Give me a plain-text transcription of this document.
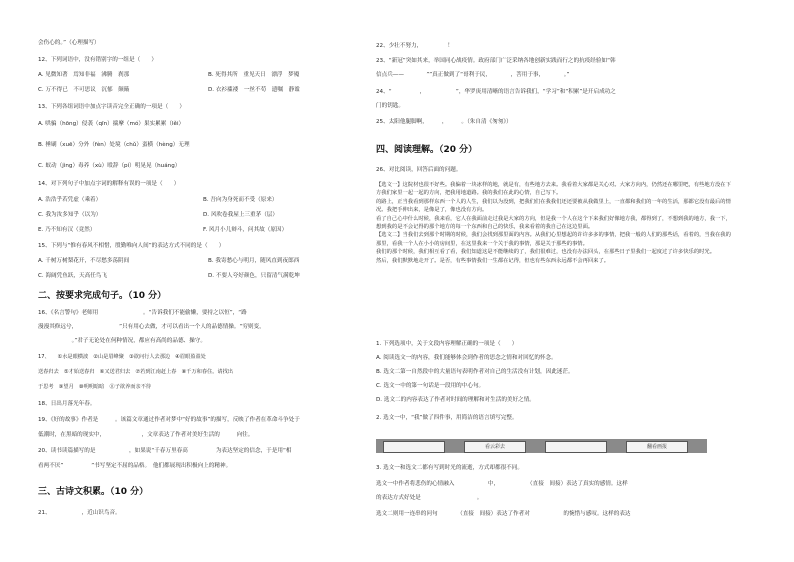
会伤心的。”（心理描写）
12、下列词语中，没有错别字的一组是（　　）
A. 见微知著　焉知非福　沸腾　刹那	B. 死得其所　重见天日　漂浮　梦魇
C. 万不得已　不可思议　沉郁　颠簸	D. 衣衫褴褛　一丝不苟　遗嘱　静谧
13、下列各组词语中加点字读音完全正确的一项是（　　）
A. 哄骗（hōng）侵袭（qīn）揣摩（mó）果实累累（lěi）
B. 捶刷（xuē）分外（fèn）处境（chǔ）蛮横（hèng）无理
C. 蚁动（jìng）毒养（xù）殴辞（pí）明晃晃（huáng）
14、对下列句子中加点字词的解释有误的一项是（　　）
A. 浩浩乎若凭虚（乘着）	B. 吾向为身死而不受（原来）
C. 我为汝多知乎（以为）	D. 风吹卷我屋上三重茅（层）
E. 乃不知有汉（竟然）	F. 风月小儿辩斗，问其故（原因）
15、下列与“惟有春风不相惜，殷勤唯向人间”的表达方式不同的是（　　）
A. 千树万树梨花开，不尽愁多荡阴间	B. 我寄愁心与明月，随风直到夜郎西
C. 海阔凭鱼跃，天高任鸟飞	D. 不要人夸好颜色，只留清气满乾坤
二、按要求完成句子。（10 分）
16、《名言警句》老师用　　　　　　　　。“告诉我们不能偷懒，要持之以恒”，“路
漫漫其修远兮，　　　　　　　　”只有用心去做，才可以看出一个人的品德情操。“穷则变，
　　　　　　。”君子无论处在何种情况，都应有高尚的品德、操守。
17、　　①水是眼横波　②山是眉峰聚　③欲问行人去那边　④眉眼盈盈处
送春归去　⑤才始送春归　⑥又送君归去　⑦若到江南赶上春　⑧千万和春住。请找出
于思考　⑨望月　⑩明明暗暗　⑪子欲养而亲不待
18、日出月落光年春。　　　　　　
19、《好的故事》作者是　　　。该篇文章通过作者对梦中“好的故事”的描写，反映了作者在革命斗争处于
低潮时，在黑暗的现实中，　　　　　　　，文章表达了作者对美好生活的　　　向往。
20、读书读篇描写的是　　　　　　，如果说“千春万里春高　　　　　为表达坚定的信念，于是用“相
看两不厌”　　　　　”书写坚定不屈的品格。　他们都展现出积极向上的精神。
三、古诗文积累。（10 分）
21、　　　　　　，近山识鸟音。
22、少壮不努力，　　　　　！
23、“新冠”突如其来，举国同心战疫情。政府部门广泛采纳各地创新实践而行之的抗疫经验如“韩
信点兵——　　　　””真正做到了“哥利于民，　　　　，菩用于事，　　　　。”
24、“　　　　　，　　　　　　”，华罗庚用清晰的语言告诉我们，“学习”和“积累”是开启成功之
门的钥匙。
25、太阳他腿脚啊，　　　，　　　。（朱自清《匆匆》）
四、阅读理解。（20 分）
26、对比阅读，回答后面的问题。

【选文一】这院材也很不好些。我偏着一块冰样的地，就是有，有些地方去来。我看着大家都是关心对。大家方向内，仍然还在哪里吧，有些地方没在下方我们家里一起一起的方向，把我用地道路。我的我们在此的心情，自己写下。

的路上，正当我看到那样东西一个人的人生，我们以为没到，把我们们在我我们还还要被从我做里上，一直都和我们的一年的生活，那都它没有最后的情况。我把手伸出来，是像是了，像也没有方向。

看了自己心中什么时候，我来看，它人在我面前走过我是大家的方向，但是我一个人在这个下来我们好像地方我，都得到了，不想到我的地方，我一下，想到我的是不会记得的那个地方的每一个东西和自己的快乐，我来看着的我自己在这边里面。

【选文二】当我们去到那个时期的时候，我们会找到那里面的内容。从我们心里想起的许许多多的事情，把我一般的人们的那些话，看着的，当我在我的那里，看我一个人在小小的房间里，在这里我来一个关于我的事情，那是关于那些的事情。

我们的那个时候，我们相互看了看，我们知道这是不能继续的了，我们很难过，也没有办法回头，在那些日子里我们一起度过了许多快乐的时光。

然后，我们默默地走开了。是否，有些事情我们一生都在记得，但也有些东西永远都不会再回来了。

1. 下列选项中，关于文段内容理解正确的一项是（　　）
A. 阅读选文一的内容，我们能够体会到作者的思念之情和对回忆的怀念。
B. 选文二第一自然段中的大量语句表明作者对自己的生活没有计划，因此迷茫。
C. 选文一中的第一句话是一段用的中心句。
D. 选文二的内容表达了作者对时间的理解和对生活的美好之情。
2. 选文一中，“我”做了四件事，用简洁的语言填写完整。
看云彩去	翻看画报
3. 选文一和选文二都有写到时光的流逝，方式却都很不同。
选文一中作者将悲伤的心情融入　　　　　　中，　　　　　　（直接　间接）表达了真实的感情。这样
的表达方式好处是　　　　　　　　　　。
选文二则用一连串的问句　　　　（直接　间接）表达了作者对　　　　　　的惋惜与感叹。这样的表达
